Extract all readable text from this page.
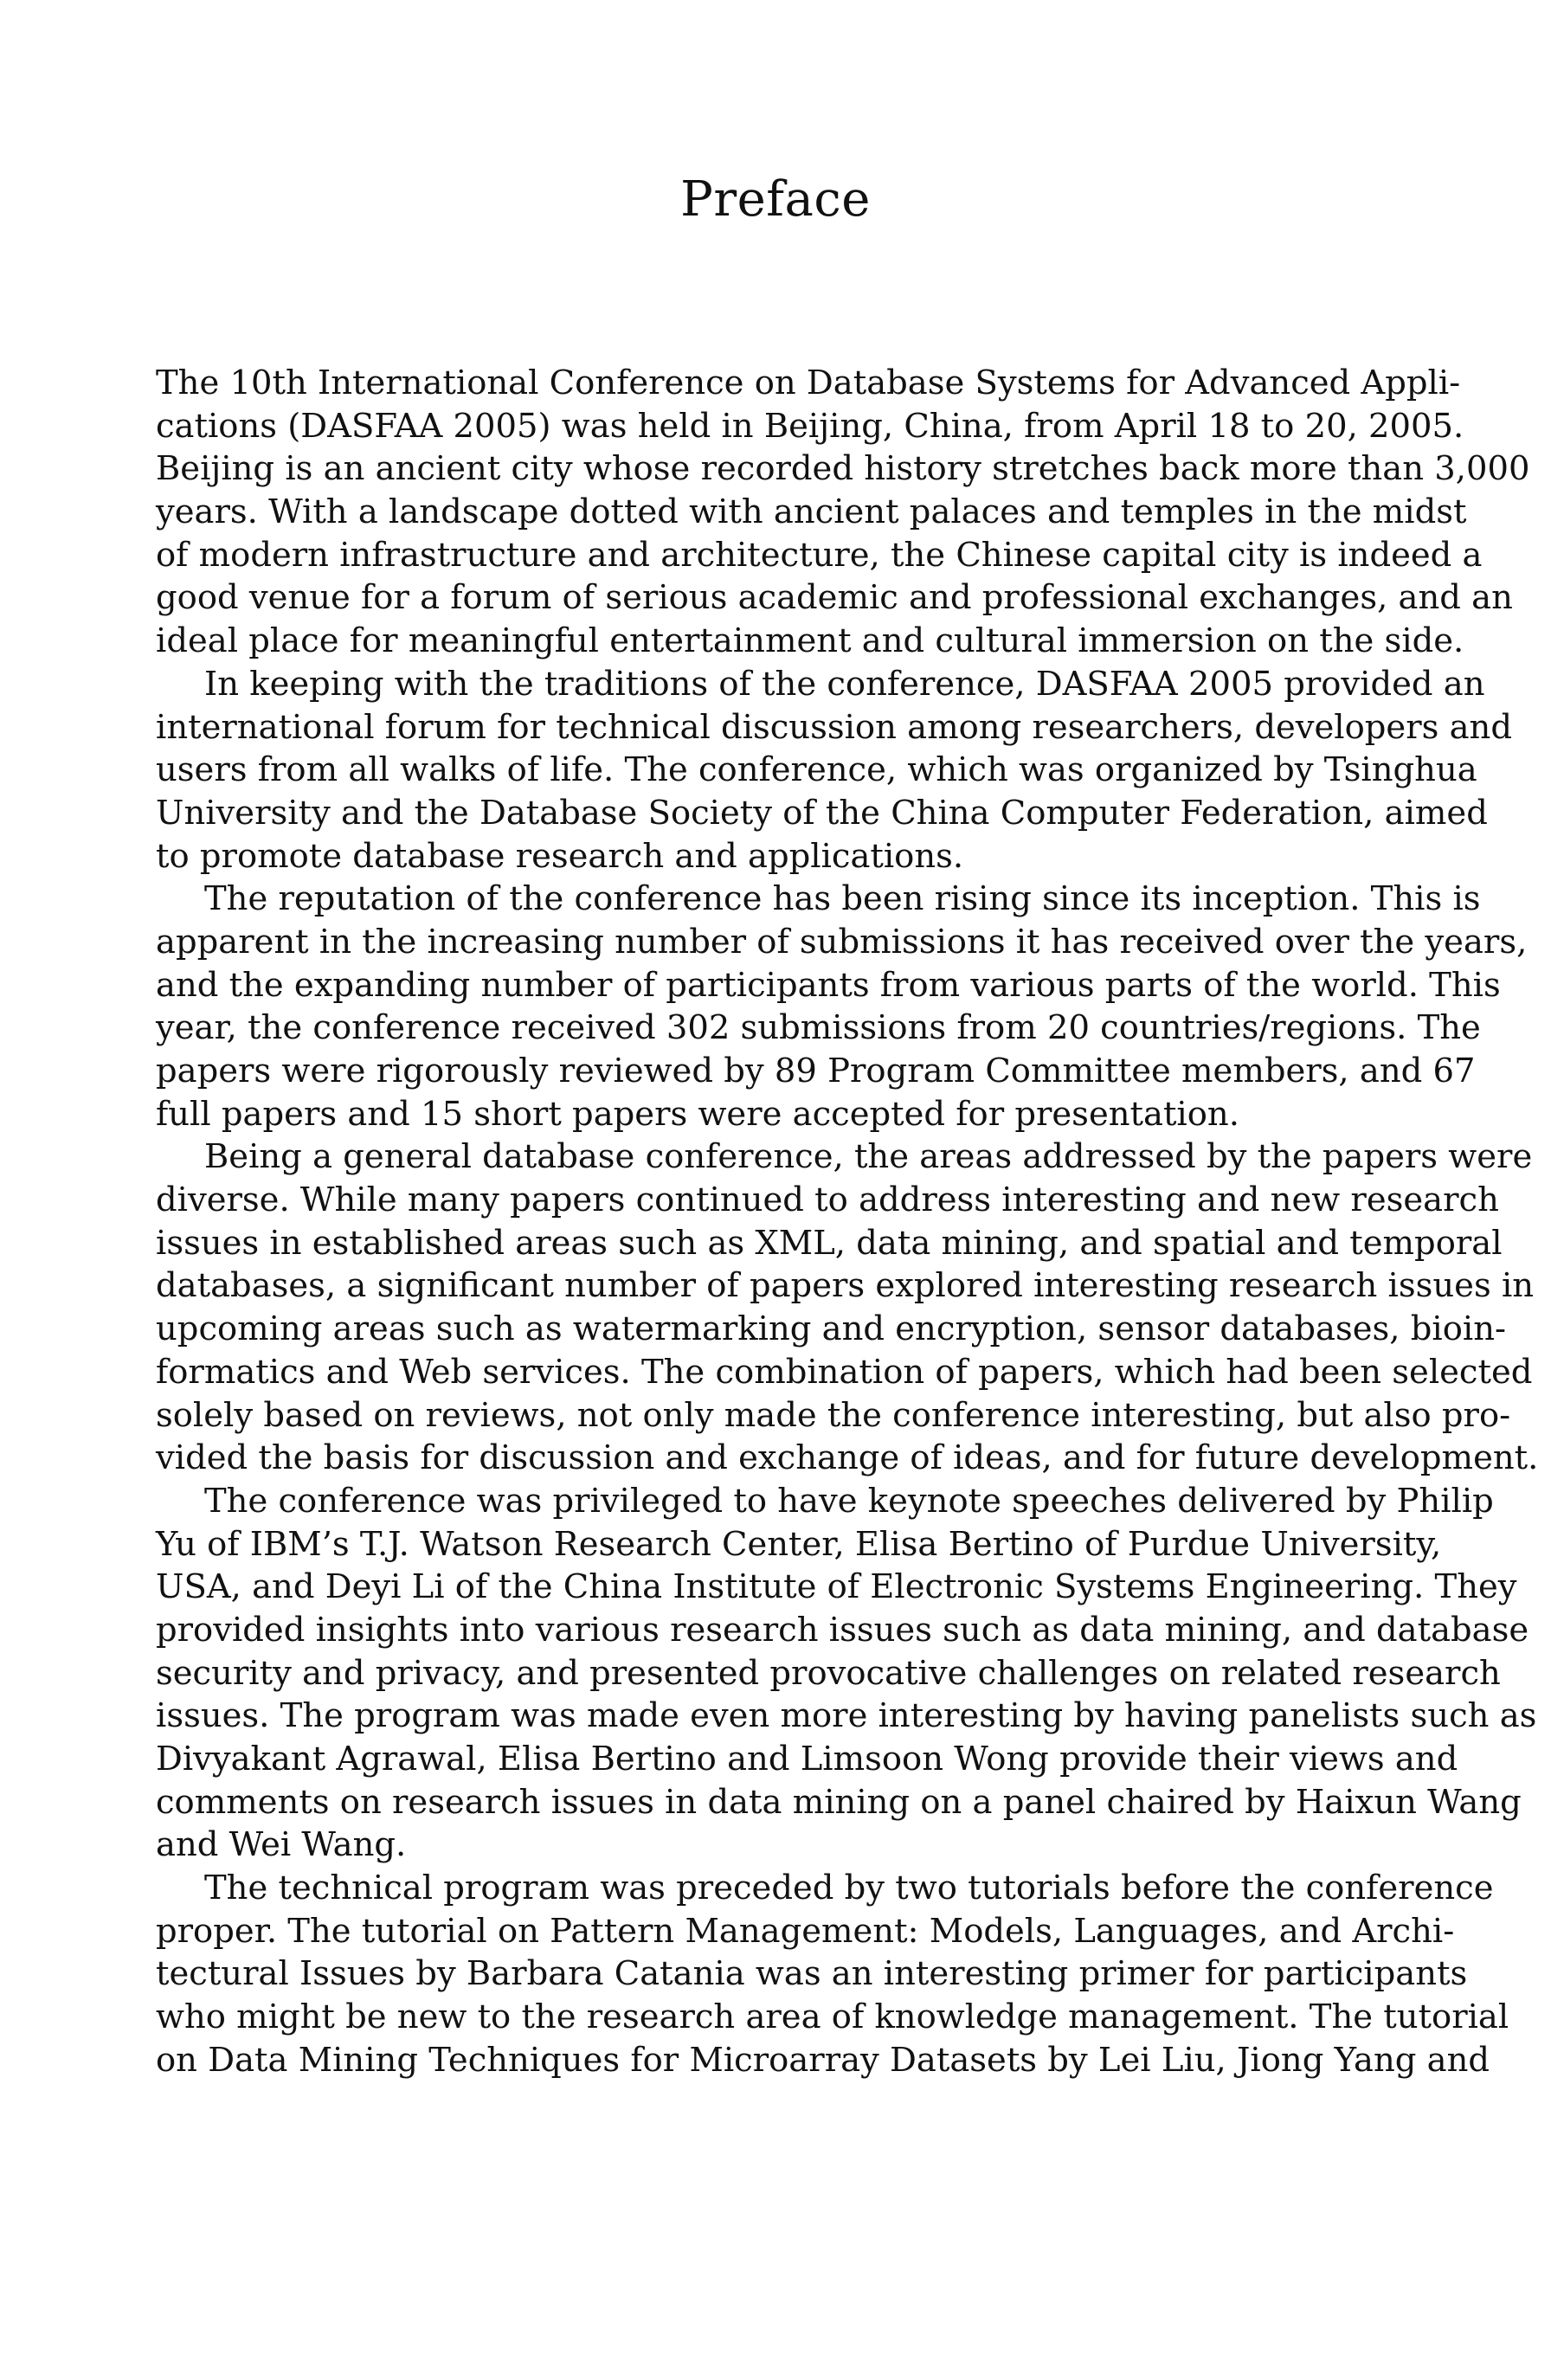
Preface
The 10th International Conference on Database Systems for Advanced Appli-
cations (DASFAA 2005) was held in Beijing, China, from April 18 to 20, 2005.
Beijing is an ancient city whose recorded history stretches back more than 3,000
years. With a landscape dotted with ancient palaces and temples in the midst
of modern infrastructure and architecture, the Chinese capital city is indeed a
good venue for a forum of serious academic and professional exchanges, and an
ideal place for meaningful entertainment and cultural immersion on the side.
In keeping with the traditions of the conference, DASFAA 2005 provided an
international forum for technical discussion among researchers, developers and
users from all walks of life. The conference, which was organized by Tsinghua
University and the Database Society of the China Computer Federation, aimed
to promote database research and applications.
The reputation of the conference has been rising since its inception. This is
apparent in the increasing number of submissions it has received over the years,
and the expanding number of participants from various parts of the world. This
year, the conference received 302 submissions from 20 countries/regions. The
papers were rigorously reviewed by 89 Program Committee members, and 67
full papers and 15 short papers were accepted for presentation.
Being a general database conference, the areas addressed by the papers were
diverse. While many papers continued to address interesting and new research
issues in established areas such as XML, data mining, and spatial and temporal
databases, a significant number of papers explored interesting research issues in
upcoming areas such as watermarking and encryption, sensor databases, bioin-
formatics and Web services. The combination of papers, which had been selected
solely based on reviews, not only made the conference interesting, but also pro-
vided the basis for discussion and exchange of ideas, and for future development.
The conference was privileged to have keynote speeches delivered by Philip
Yu of IBM’s T.J. Watson Research Center, Elisa Bertino of Purdue University,
USA, and Deyi Li of the China Institute of Electronic Systems Engineering. They
provided insights into various research issues such as data mining, and database
security and privacy, and presented provocative challenges on related research
issues. The program was made even more interesting by having panelists such as
Divyakant Agrawal, Elisa Bertino and Limsoon Wong provide their views and
comments on research issues in data mining on a panel chaired by Haixun Wang
and Wei Wang.
The technical program was preceded by two tutorials before the conference
proper. The tutorial on Pattern Management: Models, Languages, and Archi-
tectural Issues by Barbara Catania was an interesting primer for participants
who might be new to the research area of knowledge management. The tutorial
on Data Mining Techniques for Microarray Datasets by Lei Liu, Jiong Yang and
